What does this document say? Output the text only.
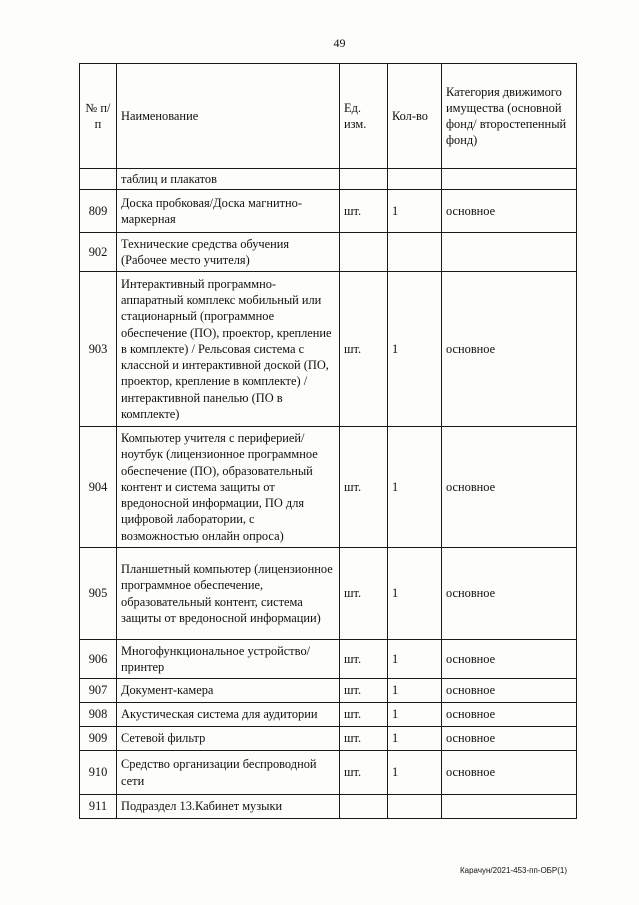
49
№ п/п	Наименование	Ед. изм.	Кол-во	Категория движимого имущества (основной фонд/ второстепенный фонд)

	таблиц и плакатов			

809	Доска пробковая/Доска магнитно-маркерная	шт.	1	основное

902	Технические средства обучения (Рабочее место учителя)			

903	Интерактивный программно-аппаратный комплекс мобильный или стационарный (программное обеспечение (ПО), проектор, крепление в комплекте) / Рельсовая система с классной и интерактивной доской (ПО, проектор, крепление в комплекте) / интерактивной панелью (ПО в комплекте)	шт.	1	основное

904	Компьютер учителя с периферией/ноутбук (лицензионное программное обеспечение (ПО), образовательный контент и система защиты от вредоносной информации, ПО для цифровой лаборатории, с возможностью онлайн опроса)	шт.	1	основное

905	Планшетный компьютер (лицензионное программное обеспечение, образовательный контент, система защиты от вредоносной информации)	шт.	1	основное

906	Многофункциональное устройство/принтер	шт.	1	основное

907	Документ-камера	шт.	1	основное

908	Акустическая система для аудитории	шт.	1	основное

909	Сетевой фильтр	шт.	1	основное

910	Средство организации беспроводной сети	шт.	1	основное

911	Подраздел 13.Кабинет музыки			

Карачун/2021-453-пп-ОБР(1)
